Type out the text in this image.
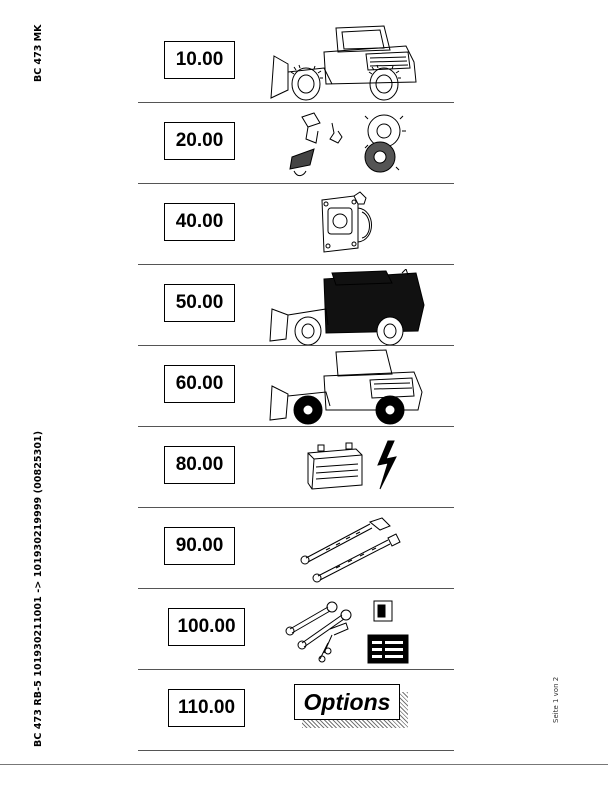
BC 473 MK
BC 473 RB-5 101930211001 -> 101930219999 (00825301)	Seite 1 von 2
10.00
20.00
40.00
50.00
60.00
80.00
90.00
100.00
110.00	Options
